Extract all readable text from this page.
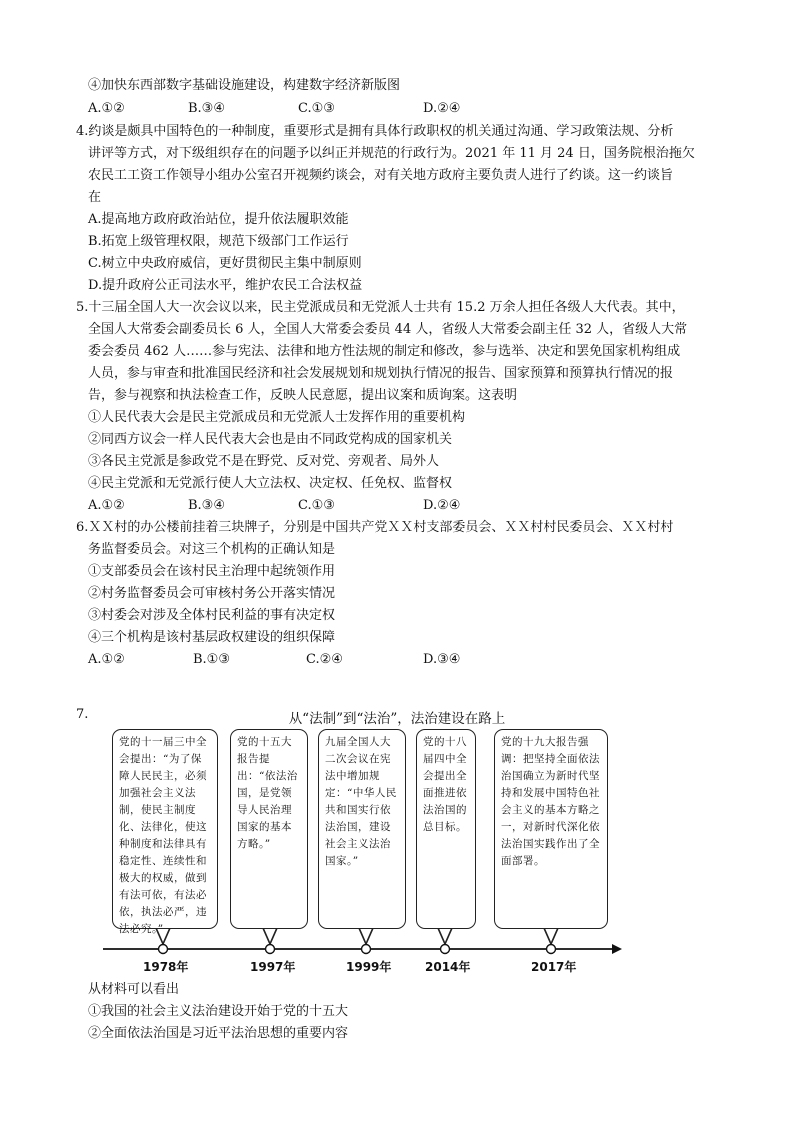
④加快东西部数字基础设施建设，构建数字经济新版图
A.①②	B.③④	C.①③	D.②④
4.约谈是颇具中国特色的一种制度，重要形式是拥有具体行政职权的机关通过沟通、学习政策法规、分析
讲评等方式，对下级组织存在的问题予以纠正并规范的行政行为。2021 年 11 月 24 日，国务院根治拖欠
农民工工资工作领导小组办公室召开视频约谈会，对有关地方政府主要负责人进行了约谈。这一约谈旨
在
A.提高地方政府政治站位，提升依法履职效能
B.拓宽上级管理权限，规范下级部门工作运行
C.树立中央政府威信，更好贯彻民主集中制原则
D.提升政府公正司法水平，维护农民工合法权益
5.十三届全国人大一次会议以来，民主党派成员和无党派人士共有 15.2 万余人担任各级人大代表。其中，
全国人大常委会副委员长 6 人，全国人大常委会委员 44 人，省级人大常委会副主任 32 人，省级人大常
委会委员 462 人……参与宪法、法律和地方性法规的制定和修改，参与选举、决定和罢免国家机构组成
人员，参与审查和批准国民经济和社会发展规划和规划执行情况的报告、国家预算和预算执行情况的报
告，参与视察和执法检查工作，反映人民意愿，提出议案和质询案。这表明
①人民代表大会是民主党派成员和无党派人士发挥作用的重要机构
②同西方议会一样人民代表大会也是由不同政党构成的国家机关
③各民主党派是参政党不是在野党、反对党、旁观者、局外人
④民主党派和无党派行使人大立法权、决定权、任免权、监督权
A.①②	B.③④	C.①③	D.②④
6.ＸＸ村的办公楼前挂着三块牌子，分别是中国共产党ＸＸ村支部委员会、ＸＸ村村民委员会、ＸＸ村村
务监督委员会。对这三个机构的正确认知是
①支部委员会在该村民主治理中起统领作用
②村务监督委员会可审核村务公开落实情况
③村委会对涉及全体村民利益的事有决定权
④三个机构是该村基层政权建设的组织保障
A.①②	B.①③	C.②④	D.③④
7.	从“法制”到“法治”，法治建设在路上
党的十一届三中全会提出：“为了保障人民民主，必须加强社会主义法制，使民主制度化、法律化，使这种制度和法律具有稳定性、连续性和极大的权威，做到有法可依，有法必依，执法必严，违法必究。”
党的十五大报告提出：“依法治国，是党领导人民治理国家的基本方略。”
九届全国人大二次会议在宪法中增加规定：“中华人民共和国实行依法治国，建设社会主义法治国家。”
党的十八届四中全会提出全面推进依法治国的总目标。
党的十九大报告强调：把坚持全面依法治国确立为新时代坚持和发展中国特色社会主义的基本方略之一，对新时代深化依法治国实践作出了全面部署。
1978年	1997年	1999年	2014年	2017年
从材料可以看出
①我国的社会主义法治建设开始于党的十五大
②全面依法治国是习近平法治思想的重要内容
